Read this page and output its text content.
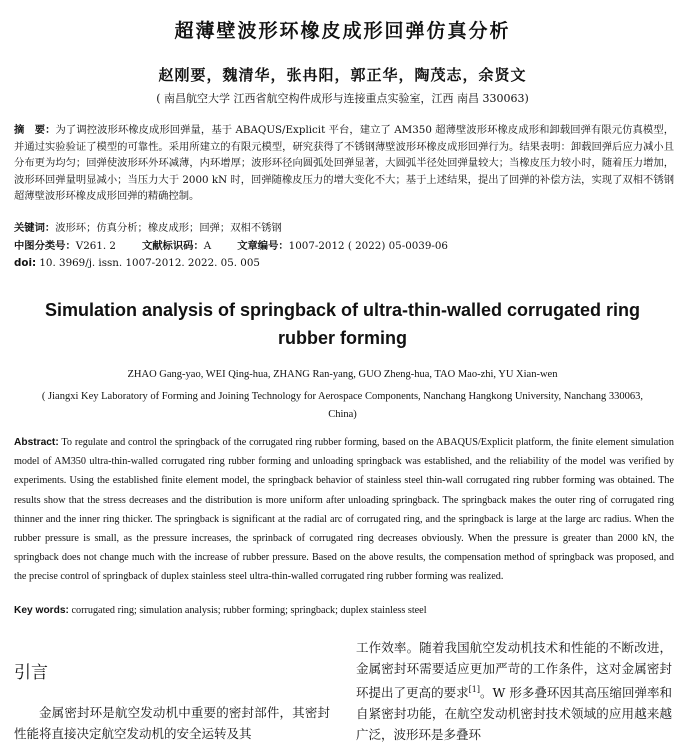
超薄壁波形环橡皮成形回弹仿真分析
赵刚要，魏清华，张冉阳，郭正华，陶茂志，余贤文
( 南昌航空大学 江西省航空构件成形与连接重点实验室，江西 南昌 330063)
摘　要：为了调控波形环橡皮成形回弹量，基于 ABAQUS/Explicit 平台，建立了 AM350 超薄壁波形环橡皮成形和卸载回弹有限元仿真模型，并通过实验验证了模型的可靠性。采用所建立的有限元模型，研究获得了不锈钢薄壁波形环橡皮成形回弹行为。结果表明：卸载回弹后应力减小且分布更为均匀；回弹使波形环外环减薄，内环增厚；波形环径向圆弧处回弹显著，大圆弧半径处回弹量较大；当橡皮压力较小时，随着压力增加，波形环回弹量明显减小；当压力大于 2000 kN 时，回弹随橡皮压力的增大变化不大；基于上述结果，提出了回弹的补偿方法，实现了双相不锈钢超薄壁波形环橡皮成形回弹的精确控制。
关键词：波形环；仿真分析；橡皮成形；回弹；双相不锈钢
中图分类号：V261. 2	文献标识码：A	文章编号：1007-2012 ( 2022) 05-0039-06
doi: 10. 3969/j. issn. 1007-2012. 2022. 05. 005
Simulation analysis of springback of ultra-thin-walled corrugated ring rubber forming
ZHAO Gang-yao, WEI Qing-hua, ZHANG Ran-yang, GUO Zheng-hua, TAO Mao-zhi, YU Xian-wen
( Jiangxi Key Laboratory of Forming and Joining Technology for Aerospace Components, Nanchang Hangkong University, Nanchang 330063, China)
Abstract: To regulate and control the springback of the corrugated ring rubber forming, based on the ABAQUS/Explicit platform, the finite element simulation model of AM350 ultra-thin-walled corrugated ring rubber forming and unloading springback was established, and the reliability of the model was verified by experiments. Using the established finite element model, the springback behavior of stainless steel thin-wall corrugated ring rubber forming was obtained. The results show that the stress decreases and the distribution is more uniform after unloading springback. The springback makes the outer ring of corrugated ring thinner and the inner ring thicker. The springback is significant at the radial arc of corrugated ring, and the springback is large at the large arc radius. When the rubber pressure is small, as the pressure increases, the sprinback of corrugated ring decreases obviously. When the pressure is greater than 2000 kN, the springback does not change much with the increase of rubber pressure. Based on the above results, the compensation method of springback was proposed, and the precise control of springback of duplex stainless steel ultra-thin-walled corrugated ring rubber forming was realized.
Key words: corrugated ring; simulation analysis; rubber forming; springback; duplex stainless steel
引言
金属密封环是航空发动机中重要的密封部件，其密封性能将直接决定航空发动机的安全运转及其
工作效率。随着我国航空发动机技术和性能的不断改进，金属密封环需要适应更加严苛的工作条件，这对金属密封环提出了更高的要求[1]。W 形多叠环因其高压缩回弹率和自紧密封功能，在航空发动机密封技术领域的应用越来越广泛，波形环是多叠环
